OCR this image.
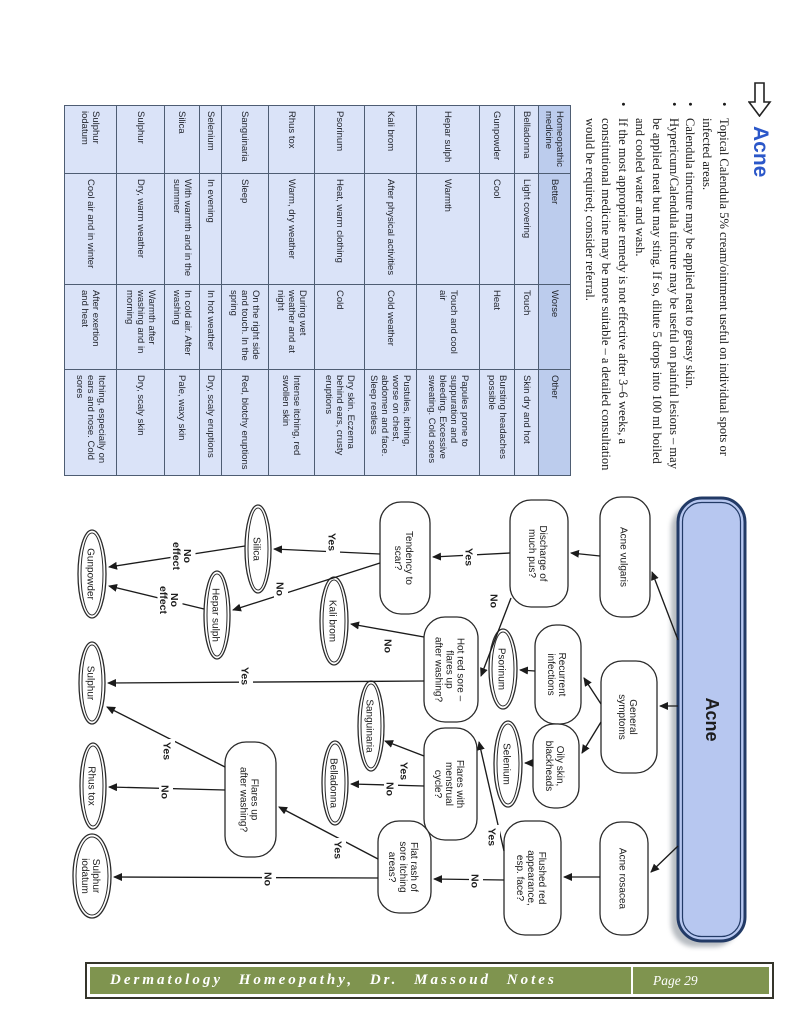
Acne
•
Topical Calendula 5% cream/ointment useful on individual spots or
infected areas.
•
Calendula tincture may be applied neat to greasy skin.
•
Hypericum/Calendula tincture may be useful on painful lesions – may
be applied neat but may sting. If so, dilute 5 drops into 100 ml boiled
and cooled water and wash.
•
If the most appropriate remedy is not effective after 3–6 weeks, a
constitutional medicine may be more suitable – a detailed consultation
would be required; consider referral.
Homeopathic medicine	Better	Worse	Other
Belladonna	Light covering	Touch	Skin dry and hot
Gunpowder	Cool	Heat	Bursting headaches possible
Hepar sulph	Warmth	Touch and cool air	Papules prone to suppuration and bleeding. Excessive sweating. Cold sores
Kali brom	After physical activities	Cold weather	Pustules, itching, worse on chest, abdomen and face. Sleep restless
Psorinum	Heat, warm clothing	Cold	Dry skin. Eczema behind ears, crusty eruptions
Rhus tox	Warm, dry weather	During wet weather and at night	Intense itching, red swollen skin
Sanguinaria	Sleep	On the right side and touch. In the spring	Red, blotchy eruptions
Selenium	In evening	In hot weather	Dry, scaly eruptions
Silica	With warmth and in the summer	In cold air. After washing	Pale, waxy skin
Sulphur	Dry, warm weather	Warmth after washing and in morning	Dry, scaly skin
Sulphur iodatum	Cool air and in winter	After exertion and heat	Itching, especially on ears and nose. Cold sores
Acne
Acne vulgaris
Generalsymptoms
Acne rosacea
Discharge ofmuch pus?
Recurrentinfections
Oily skin,blackheads
Flushed redappearance,esp. face?
Tendency toscar?
Hot red sore –flares upafter washing?
Flares withmenstrualcycle?
Flat rash ofsore itchingareas?
Flares upafter washing?
Psorinum
Selenium
Kali brom
Sanguinaria
Belladonna
Silica
Hepar sulph
Gunpowder
Sulphur
Rhus tox
Sulphuriodatum
Yes
No
Yes
No
Yes
No
No
Yes
Yes
No
Yes
No
Yes
No
Noeffect
Noeffect
Dermatology Homeopathy, Dr. Massoud Notes	Page 29
